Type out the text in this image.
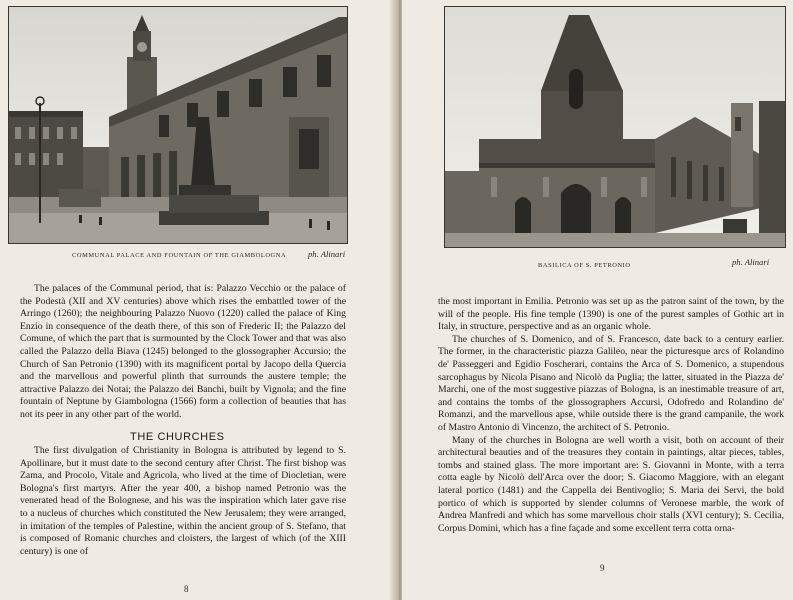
COMMUNAL PALACE AND FOUNTAIN OF THE GIAMBOLOGNA	ph. Alinari

The palaces of the Communal period, that is: Palazzo Vecchio or the palace of the Podestà (XII and XV centuries) above which rises the embattled tower of the Arringo (1260); the neighbouring Palazzo Nuovo (1220) called the palace of King Enzio in consequence of the death there, of this son of Frederic II; the Palazzo del Comune, of which the part that is surmounted by the Clock Tower and that was also called the Palazzo della Biava (1245) belonged to the glossographer Accursio; the Church of San Petronio (1390) with its magnificent portal by Jacopo della Quercia and the marvellous and powerful plinth that surrounds the austere temple; the attractive Palazzo dei Notai; the Palazzo dei Banchi, built by Vignola; and the fine fountain of Neptune by Giambologna (1566) form a collection of beauties that has not its peer in any other part of the world.

THE CHURCHES

The first divulgation of Christianity in Bologna is attributed by legend to S. Apollinare, but it must date to the second century after Christ. The first bishop was Zama, and Procolo, Vitale and Agricola, who lived at the time of Diocletian, were Bologna's first martyrs. After the year 400, a bishop named Petronio was the venerated head of the Bolognese, and his was the inspiration which later gave rise to a nucleus of churches which constituted the New Jerusalem; they were arranged, in imitation of the temples of Palestine, within the ancient group of S. Stefano, that is composed of Romanic churches and cloisters, the largest of which (of the XIII century) is one of

8
BASILICA OF S. PETRONIO	ph. Alinari

the most important in Emilia. Petronio was set up as the patron saint of the town, by the will of the people. His fine temple (1390) is one of the purest samples of Gothic art in Italy, in structure, perspective and as an organic whole.

The churches of S. Domenico, and of S. Francesco, date back to a century earlier. The former, in the characteristic piazza Galileo, near the picturesque arcs of Rolandino de' Passeggeri and Egidio Foscherari, contains the Arca of S. Domenico, a stupendous sarcophagus by Nicola Pisano and Nicolò da Puglia; the latter, situated in the Piazza de' Marchi, one of the most suggestive piazzas of Bologna, is an inestimable treasure of art, and contains the tombs of the glossographers Accursi, Odofredo and Rolandino de' Romanzi, and the marvellous apse, while outside there is the grand campanile, the work of Mastro Antonio di Vincenzo, the architect of S. Petronio.

Many of the churches in Bologna are well worth a visit, both on account of their architectural beauties and of the treasures they contain in paintings, altar pieces, tables, tombs and stained glass. The more important are: S. Giovanni in Monte, with a terra cotta eagle by Nicolò dell'Arca over the door; S. Giacomo Maggiore, with an elegant lateral portico (1481) and the Cappella dei Bentivoglio; S. Maria dei Servi, the bold portico of which is supported by slender columns of Veronese marble, the work of Andrea Manfredi and which has some marvellous choir stalls (XVI century); S. Cecilia, Corpus Domini, which has a fine façade and some excellent terra cotta orna-

9
